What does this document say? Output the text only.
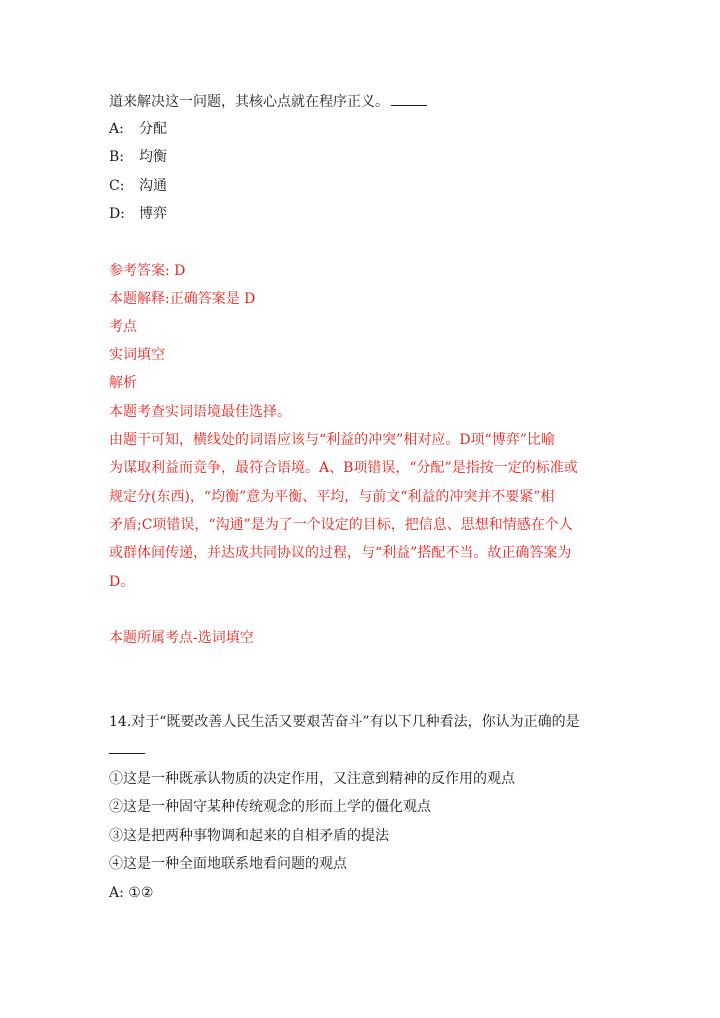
道来解决这一问题，其核心点就在程序正义。
A: 分配
B: 均衡
C: 沟通
D: 博弈
参考答案: D
本题解释:正确答案是 D
考点
实词填空
解析
本题考查实词语境最佳选择。
由题干可知，横线处的词语应该与“利益的冲突”相对应。D项“博弈”比喻
为谋取利益而竞争，最符合语境。A、B项错误，“分配”是指按一定的标准或
规定分(东西)，“均衡”意为平衡、平均，与前文“利益的冲突并不要紧”相
矛盾;C项错误，“沟通”是为了一个设定的目标，把信息、思想和情感在个人
或群体间传递，并达成共同协议的过程，与“利益”搭配不当。故正确答案为
D。
本题所属考点-选词填空
14.对于“既要改善人民生活又要艰苦奋斗”有以下几种看法，你认为正确的是
①这是一种既承认物质的决定作用，又注意到精神的反作用的观点
②这是一种固守某种传统观念的形而上学的僵化观点
③这是把两种事物调和起来的自相矛盾的提法
④这是一种全面地联系地看问题的观点
A: ①②
